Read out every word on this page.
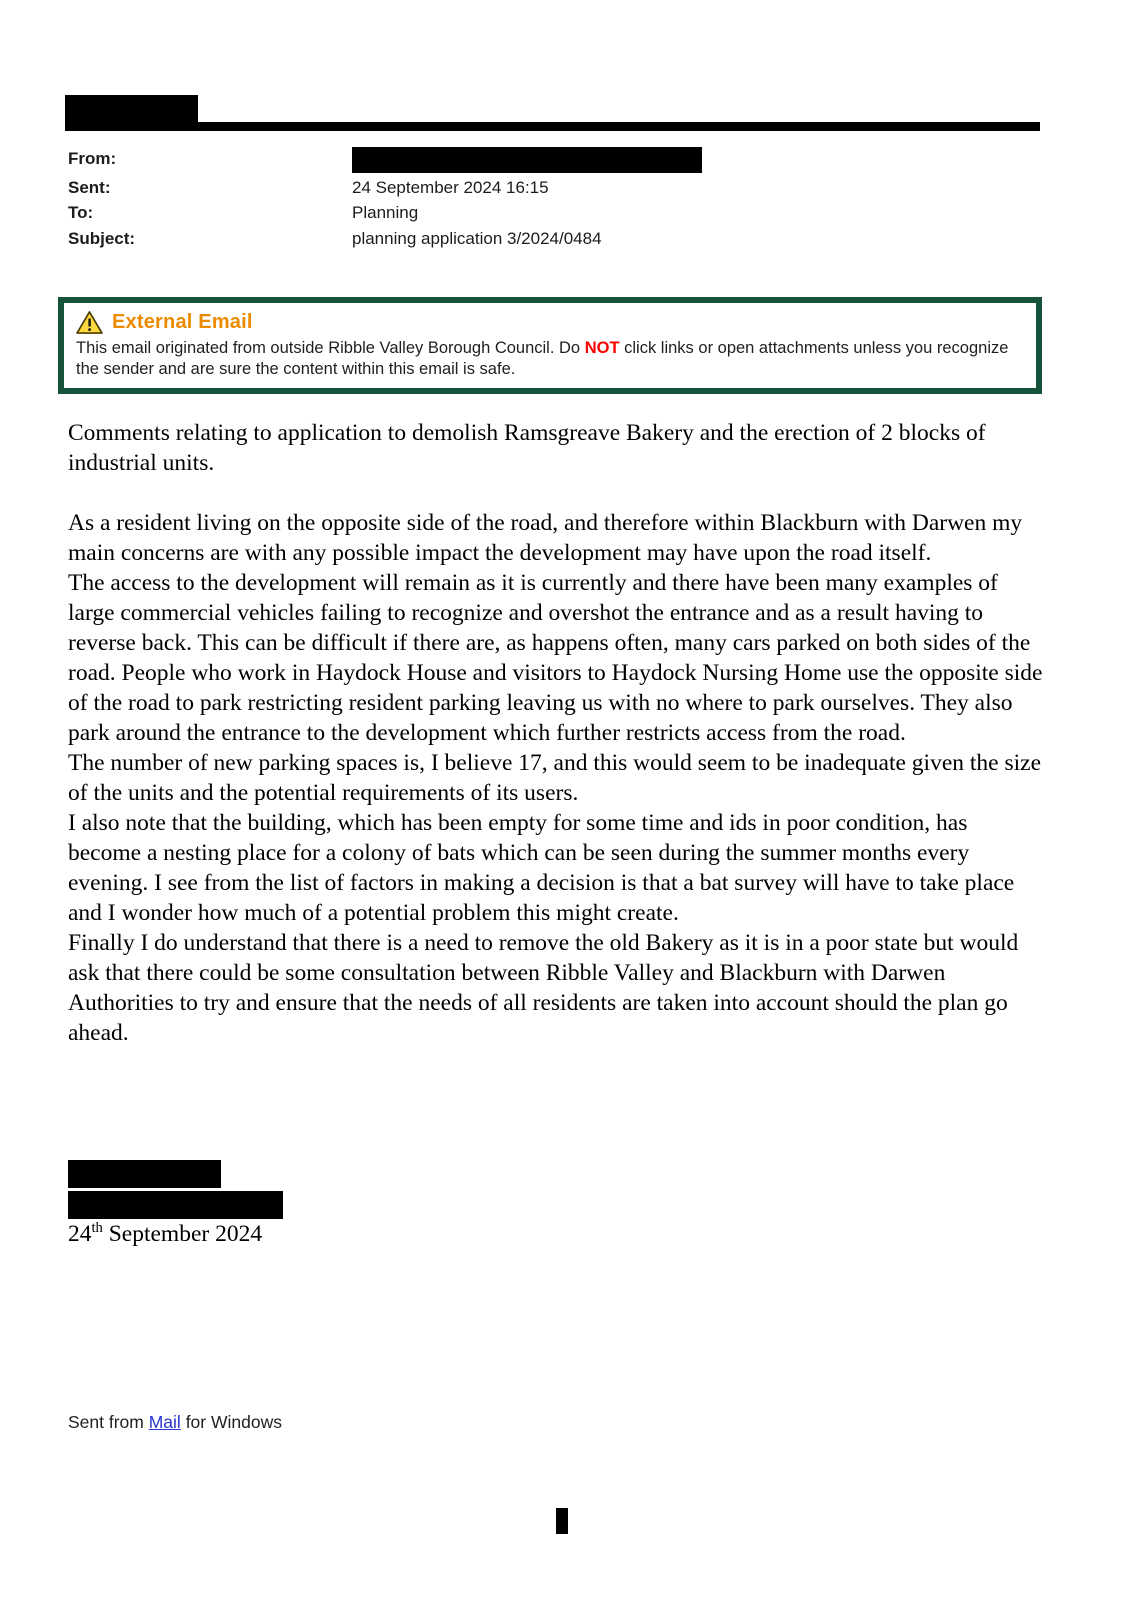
From:
Sent:	24 September 2024 16:15
To:	Planning
Subject:	planning application 3/2024/0484
External Email

This email originated from outside Ribble Valley Borough Council. Do NOT click links or open attachments unless you recognize the sender and are sure the content within this email is safe.

Comments relating to application to demolish Ramsgreave Bakery and the erection of 2 blocks of industrial units.

As a resident living on the opposite side of the road, and therefore within Blackburn with Darwen my main concerns are with any possible impact the development may have upon the road itself.

The access to the development will remain as it is currently and there have been many examples of large commercial vehicles failing to recognize and overshot the entrance and as a result having to reverse back. This can be difficult if there are, as happens often, many cars parked on both sides of the road. People who work in Haydock House and visitors to Haydock Nursing Home use the opposite side of the road to park restricting resident parking leaving us with no where to park ourselves. They also park around the entrance to the development which further restricts access from the road.

The number of new parking spaces is, I believe 17, and this would seem to be inadequate given the size of the units and the potential requirements of its users.

I also note that the building, which has been empty for some time and ids in poor condition, has become a nesting place for a colony of bats which can be seen during the summer months every evening. I see from the list of factors in making a decision is that a bat survey will have to take place and I wonder how much of a potential problem this might create.

Finally I do understand that there is a need to remove the old Bakery as it is in a poor state but would ask that there could be some consultation between Ribble Valley and Blackburn with Darwen Authorities to try and ensure that the needs of all residents are taken into account should the plan go ahead.

24th September 2024

Sent from Mail for Windows
